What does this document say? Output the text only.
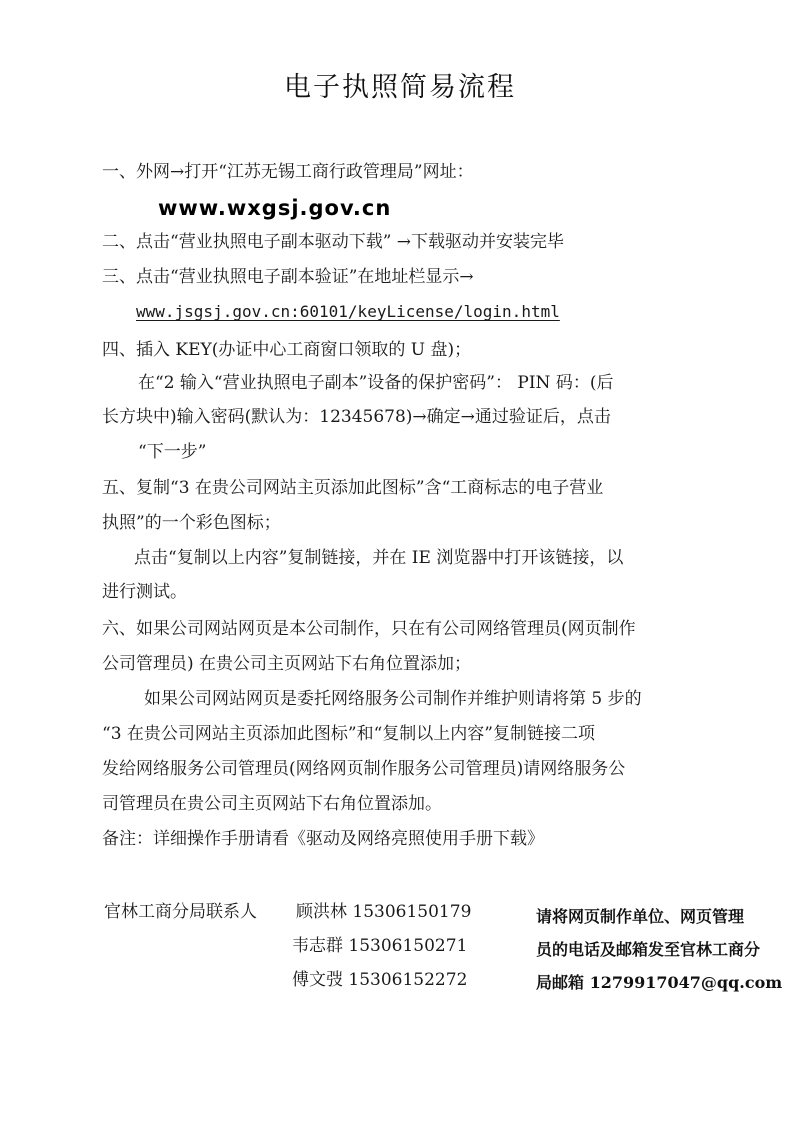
电子执照简易流程
一、外网→打开“江苏无锡工商行政管理局”网址：
www.wxgsj.gov.cn
二、点击“营业执照电子副本驱动下载” →下载驱动并安装完毕
三、点击“营业执照电子副本验证”在地址栏显示→
www.jsgsj.gov.cn:60101/keyLicense/login.html
四、插入 KEY(办证中心工商窗口领取的 U 盘)；
在“2 输入“营业执照电子副本”设备的保护密码”： PIN 码：(后
长方块中)输入密码(默认为：12345678)→确定→通过验证后，点击
“下一步”
五、复制“3 在贵公司网站主页添加此图标”含“工商标志的电子营业
执照”的一个彩色图标；
点击“复制以上内容”复制链接，并在 IE 浏览器中打开该链接，以
进行测试。
六、如果公司网站网页是本公司制作，只在有公司网络管理员(网页制作
公司管理员) 在贵公司主页网站下右角位置添加；
如果公司网站网页是委托网络服务公司制作并维护则请将第 5 步的
“3 在贵公司网站主页添加此图标”和“复制以上内容”复制链接二项
发给网络服务公司管理员(网络网页制作服务公司管理员)请网络服务公
司管理员在贵公司主页网站下右角位置添加。
备注：详细操作手册请看《驱动及网络亮照使用手册下载》
官林工商分局联系人 顾洪林 15306150179
韦志群 15306150271
傅文弢 15306152272
请将网页制作单位、网页管理
员的电话及邮箱发至官林工商分
局邮箱 1279917047@qq.com
